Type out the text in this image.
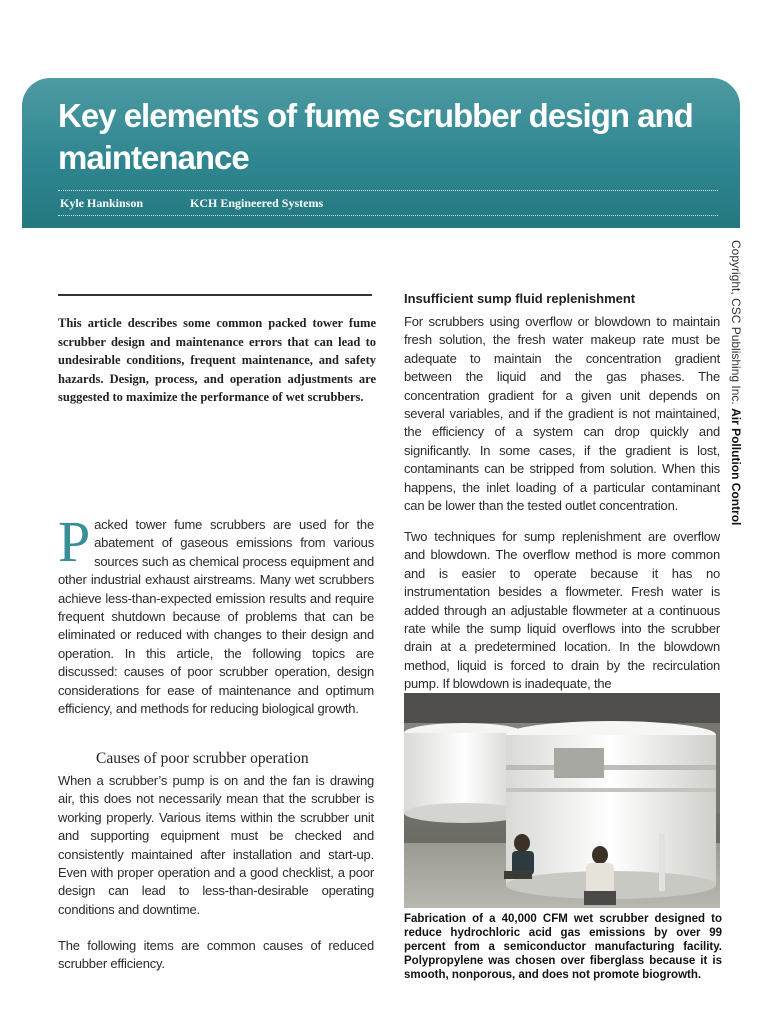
Key elements of fume scrubber design and maintenance
Kyle Hankinson	KCH Engineered Systems
Copyright, CSC Publishing Inc. Air Pollution Control

This article describes some common packed tower fume scrubber design and maintenance errors that can lead to undesirable conditions, frequent maintenance, and safety hazards. Design, process, and operation adjustments are suggested to maximize the performance of wet scrubbers.

Packed tower fume scrubbers are used for the abatement of gaseous emissions from various sources such as chemical process equipment and other industrial exhaust airstreams. Many wet scrubbers achieve less-than-expected emission results and require frequent shutdown because of problems that can be eliminated or reduced with changes to their design and operation. In this article, the following topics are discussed: causes of poor scrubber operation, design considerations for ease of maintenance and optimum efficiency, and methods for reducing biological growth.
Causes of poor scrubber operation

When a scrubber’s pump is on and the fan is drawing air, this does not necessarily mean that the scrubber is working properly. Various items within the scrubber unit and supporting equipment must be checked and consistently maintained after installation and start-up. Even with proper operation and a good checklist, a poor design can lead to less-than-desirable operating conditions and downtime.

The following items are common causes of reduced scrubber efficiency.

Insufficient sump fluid replenishment

For scrubbers using overflow or blowdown to maintain fresh solution, the fresh water makeup rate must be adequate to maintain the concentration gradient between the liquid and the gas phases. The concentration gradient for a given unit depends on several variables, and if the gradient is not maintained, the efficiency of a system can drop quickly and significantly. In some cases, if the gradient is lost, contaminants can be stripped from solution. When this happens, the inlet loading of a particular contaminant can be lower than the tested outlet concentration.

Two techniques for sump replenishment are overflow and blowdown. The overflow method is more common and is easier to operate because it has no instrumentation besides a flowmeter. Fresh water is added through an adjustable flowmeter at a continuous rate while the sump liquid overflows into the scrubber drain at a predetermined location. In the blowdown method, liquid is forced to drain by the recirculation pump. If blowdown is inadequate, the

Fabrication of a 40,000 CFM wet scrubber designed to reduce hydrochloric acid gas emissions by over 99 percent from a semiconductor manufacturing facility. Polypropylene was chosen over fiberglass because it is smooth, nonporous, and does not promote biogrowth.
